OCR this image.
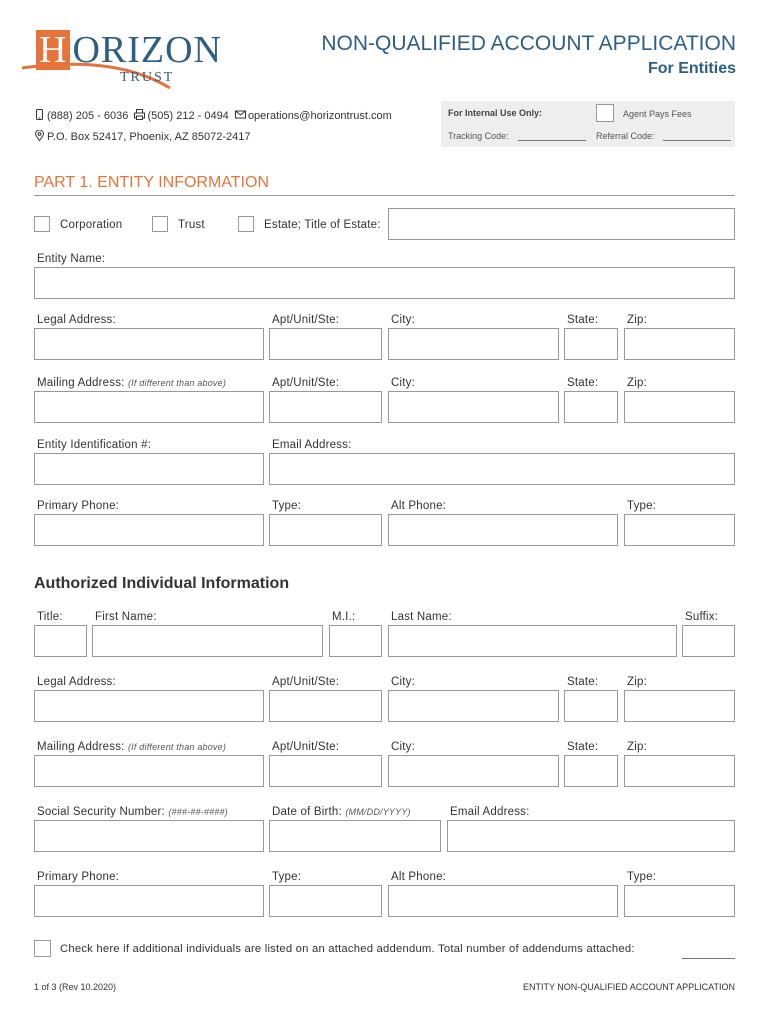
H ORIZON
TRUST
NON-QUALIFIED ACCOUNT APPLICATION
For Entities
(888) 205 - 6036 (505) 212 - 0494 operations@horizontrust.com
P.O. Box 52417, Phoenix, AZ 85072-2417
For Internal Use Only:	Agent Pays Fees
Tracking Code:	Referral Code:
PART 1. ENTITY INFORMATION
Corporation	Trust	Estate; Title of Estate:
Entity Name:
Legal Address:	Apt/Unit/Ste:	City:	State:	Zip:
Mailing Address: (If different than above)	Apt/Unit/Ste:	City:	State:	Zip:
Entity Identification #:	Email Address:
Primary Phone:	Type:	Alt Phone:	Type:
Authorized Individual Information
Title:	First Name:	M.I.:	Last Name:	Suffix:
Legal Address:	Apt/Unit/Ste:	City:	State:	Zip:
Mailing Address: (If different than above)	Apt/Unit/Ste:	City:	State:	Zip:
Social Security Number: (###-##-####)	Date of Birth: (MM/DD/YYYY)	Email Address:
Primary Phone:	Type:	Alt Phone:	Type:
Check here if additional individuals are listed on an attached addendum. Total number of addendums attached:
1 of 3 (Rev 10.2020)	ENTITY NON-QUALIFIED ACCOUNT APPLICATION
